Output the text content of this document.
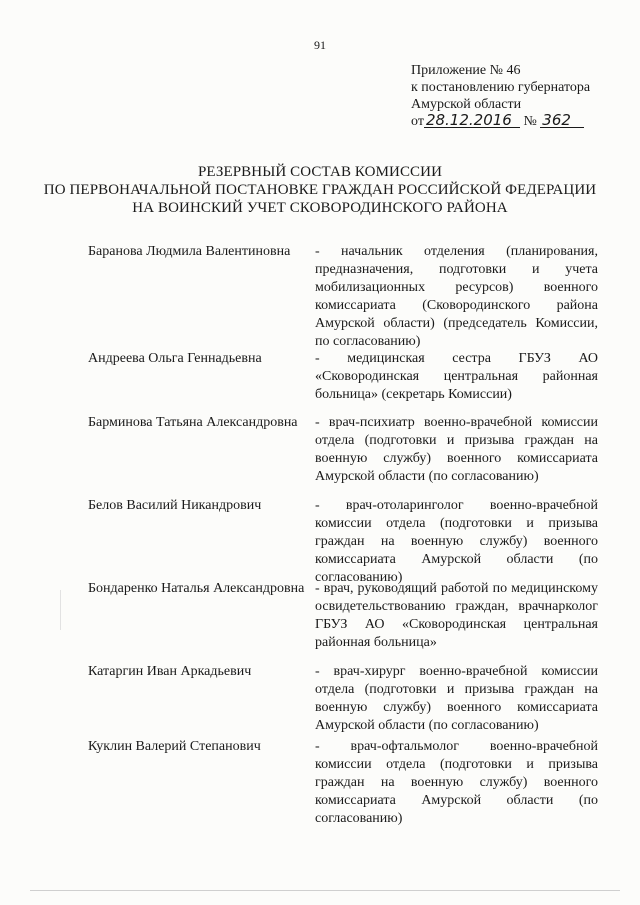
91
Приложение № 46
к постановлению губернатора
Амурской области
от 28.12.2016 № 362
РЕЗЕРВНЫЙ СОСТАВ КОМИССИИ
ПО ПЕРВОНАЧАЛЬНОЙ ПОСТАНОВКЕ ГРАЖДАН РОССИЙСКОЙ ФЕДЕРАЦИИ
НА ВОИНСКИЙ УЧЕТ СКОВОРОДИНСКОГО РАЙОНА
Баранова Людмила Валентиновна	- начальник отделения (планирования, предназначения, подготовки и учета мобилизационных ресурсов) военного комиссариата (Сковородинского района Амурской области) (председатель Комиссии, по согласованию)
Андреева Ольга Геннадьевна	- медицинская сестра ГБУЗ АО «Сковородинская центральная районная больница» (секретарь Комиссии)
Барминова Татьяна Александровна	- врач-психиатр военно-врачебной комиссии отдела (подготовки и призыва граждан на военную службу) военного комиссариата Амурской области (по согласованию)
Белов Василий Никандрович	- врач-отоларинголог военно-врачебной комиссии отдела (подготовки и призыва граждан на военную службу) военного комиссариата Амурской области (по согласованию)
Бондаренко Наталья Александровна - врач, руководящий работой по медицинскому освидетельствованию граждан, врачнарколог ГБУЗ АО «Сковородинская центральная районная больница»
Катаргин Иван Аркадьевич	- врач-хирург военно-врачебной комиссии отдела (подготовки и призыва граждан на военную службу) военного комиссариата Амурской области (по согласованию)
Куклин Валерий Степанович	- врач-офтальмолог военно-врачебной комиссии отдела (подготовки и призыва граждан на военную службу) военного комиссариата Амурской области (по согласованию)
